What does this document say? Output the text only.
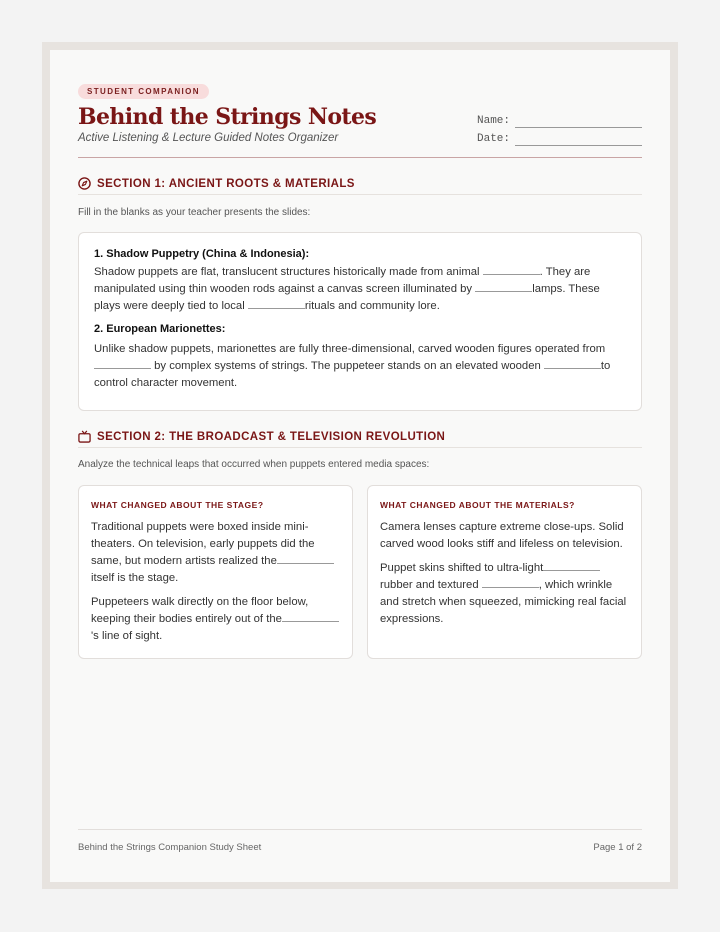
STUDENT COMPANION
Behind the Strings Notes
Active Listening & Lecture Guided Notes Organizer
Name:
Date:
SECTION 1: ANCIENT ROOTS & MATERIALS
Fill in the blanks as your teacher presents the slides:

1. Shadow Puppetry (China & Indonesia):

Shadow puppets are flat, translucent structures historically made from animal	. They are manipulated using thin wooden rods against a canvas screen illuminated by	lamps. These plays were deeply tied to local	rituals and community lore.

2. European Marionettes:

Unlike shadow puppets, marionettes are fully three-dimensional, carved wooden figures operated from by complex systems of strings. The puppeteer stands on an elevated wooden	to control character movement.

SECTION 2: THE BROADCAST & TELEVISION REVOLUTION
Analyze the technical leaps that occurred when puppets entered media spaces:
WHAT CHANGED ABOUT THE STAGE?

Traditional puppets were boxed inside mini-theaters. On television, early puppets did the same, but modern artists realized the itself is the stage.

Puppeteers walk directly on the floor below, keeping their bodies entirely out of the 's line of sight.

WHAT CHANGED ABOUT THE MATERIALS?

Camera lenses capture extreme close-ups. Solid carved wood looks stiff and lifeless on television.

Puppet skins shifted to ultra-light rubber and textured	, which wrinkle and stretch when squeezed, mimicking real facial expressions.

Behind the Strings Companion Study Sheet	Page 1 of 2
